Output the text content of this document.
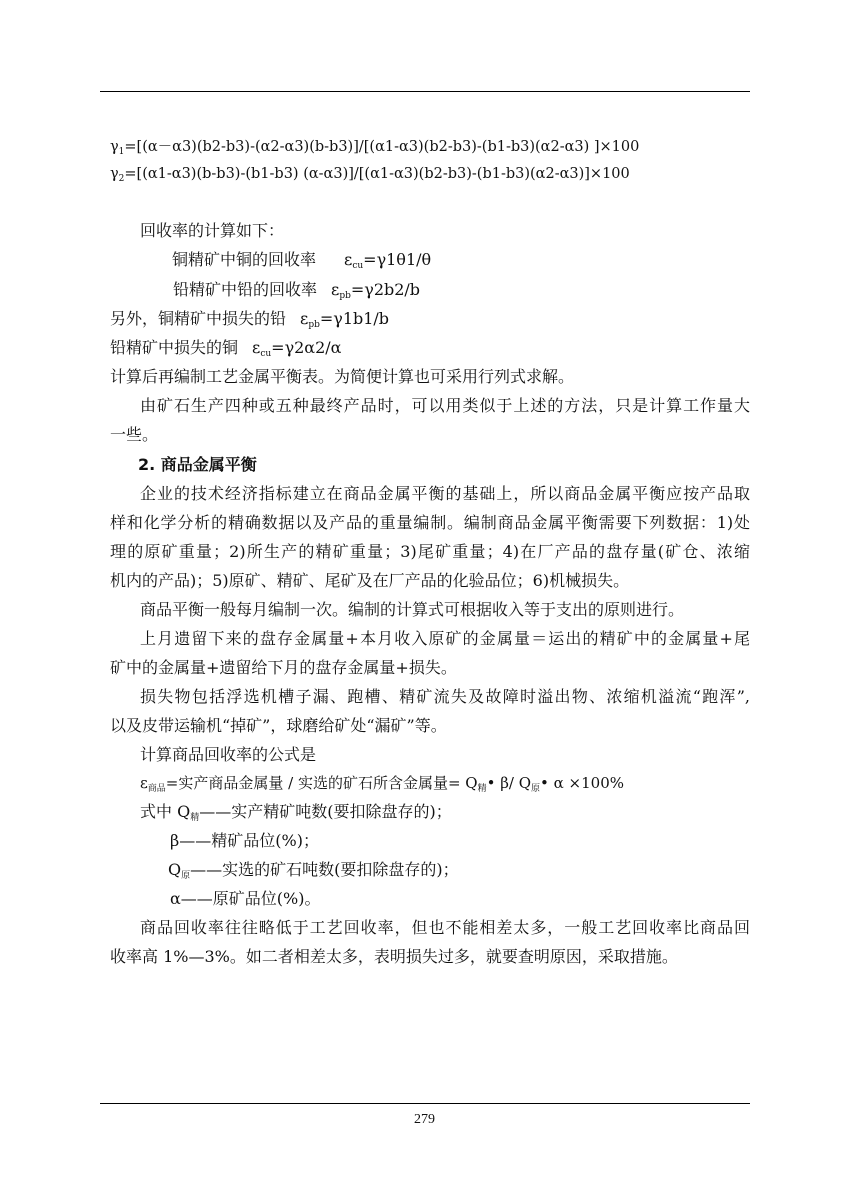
$\gamma_1=[(\alpha-\alpha 3)(b2-b3)-(\alpha 2-\alpha 3)(b-b3)]/[(\alpha 1-\alpha 3)(b2-b3)-(b1-b3)(\alpha 2-\alpha 3)$ ]×100
$\gamma_2=[(\alpha 1-\alpha 3)(b-b3)-(b1-b3)$ (α-α3)]/[(α1-α3)(b2-b3)-(b1-b3)(α2-α3)]×100
回收率的计算如下：
铜精矿中铜的回收率 $\varepsilon_{cu}=\gamma 1\theta 1/\theta$
铅精矿中铅的回收率 $\varepsilon_{pb}=\gamma 2b2/b$
另外，铜精矿中损失的铅 $\varepsilon_{pb}=\gamma 1b1/b$
铅精矿中损失的铜 $\varepsilon_{cu}=\gamma 2\alpha 2/\alpha$
计算后再编制工艺金属平衡表。为简便计算也可采用行列式求解。
由矿石生产四种或五种最终产品时，可以用类似于上述的方法，只是计算工作量大
一些。
2. 商品金属平衡
企业的技术经济指标建立在商品金属平衡的基础上，所以商品金属平衡应按产品取
样和化学分析的精确数据以及产品的重量编制。编制商品金属平衡需要下列数据：1)处
理的原矿重量；2)所生产的精矿重量；3)尾矿重量；4)在厂产品的盘存量(矿仓、浓缩
机内的产品)；5)原矿、精矿、尾矿及在厂产品的化验品位；6)机械损失。
商品平衡一般每月编制一次。编制的计算式可根据收入等于支出的原则进行。
上月遗留下来的盘存金属量+本月收入原矿的金属量＝运出的精矿中的金属量+尾
矿中的金属量+遗留给下月的盘存金属量+损失。
损失物包括浮选机槽子漏、跑槽、精矿流失及故障时溢出物、浓缩机溢流“跑浑”,
以及皮带运输机“掉矿”，球磨给矿处“漏矿”等。
计算商品回收率的公式是
$\varepsilon_{商品}=$实产商品金属量 / 实选的矿石所含金属量= $Q_精•$ β/ $Q_原•$ α ×100%
式中 $Q_精——$实产精矿吨数(要扣除盘存的)；
β——精矿品位(%)；
$Q_原——$实选的矿石吨数(要扣除盘存的)；
α——原矿品位(%)。
商品回收率往往略低于工艺回收率，但也不能相差太多，一般工艺回收率比商品回
收率高 1%—3%。如二者相差太多，表明损失过多，就要查明原因，采取措施。
279
